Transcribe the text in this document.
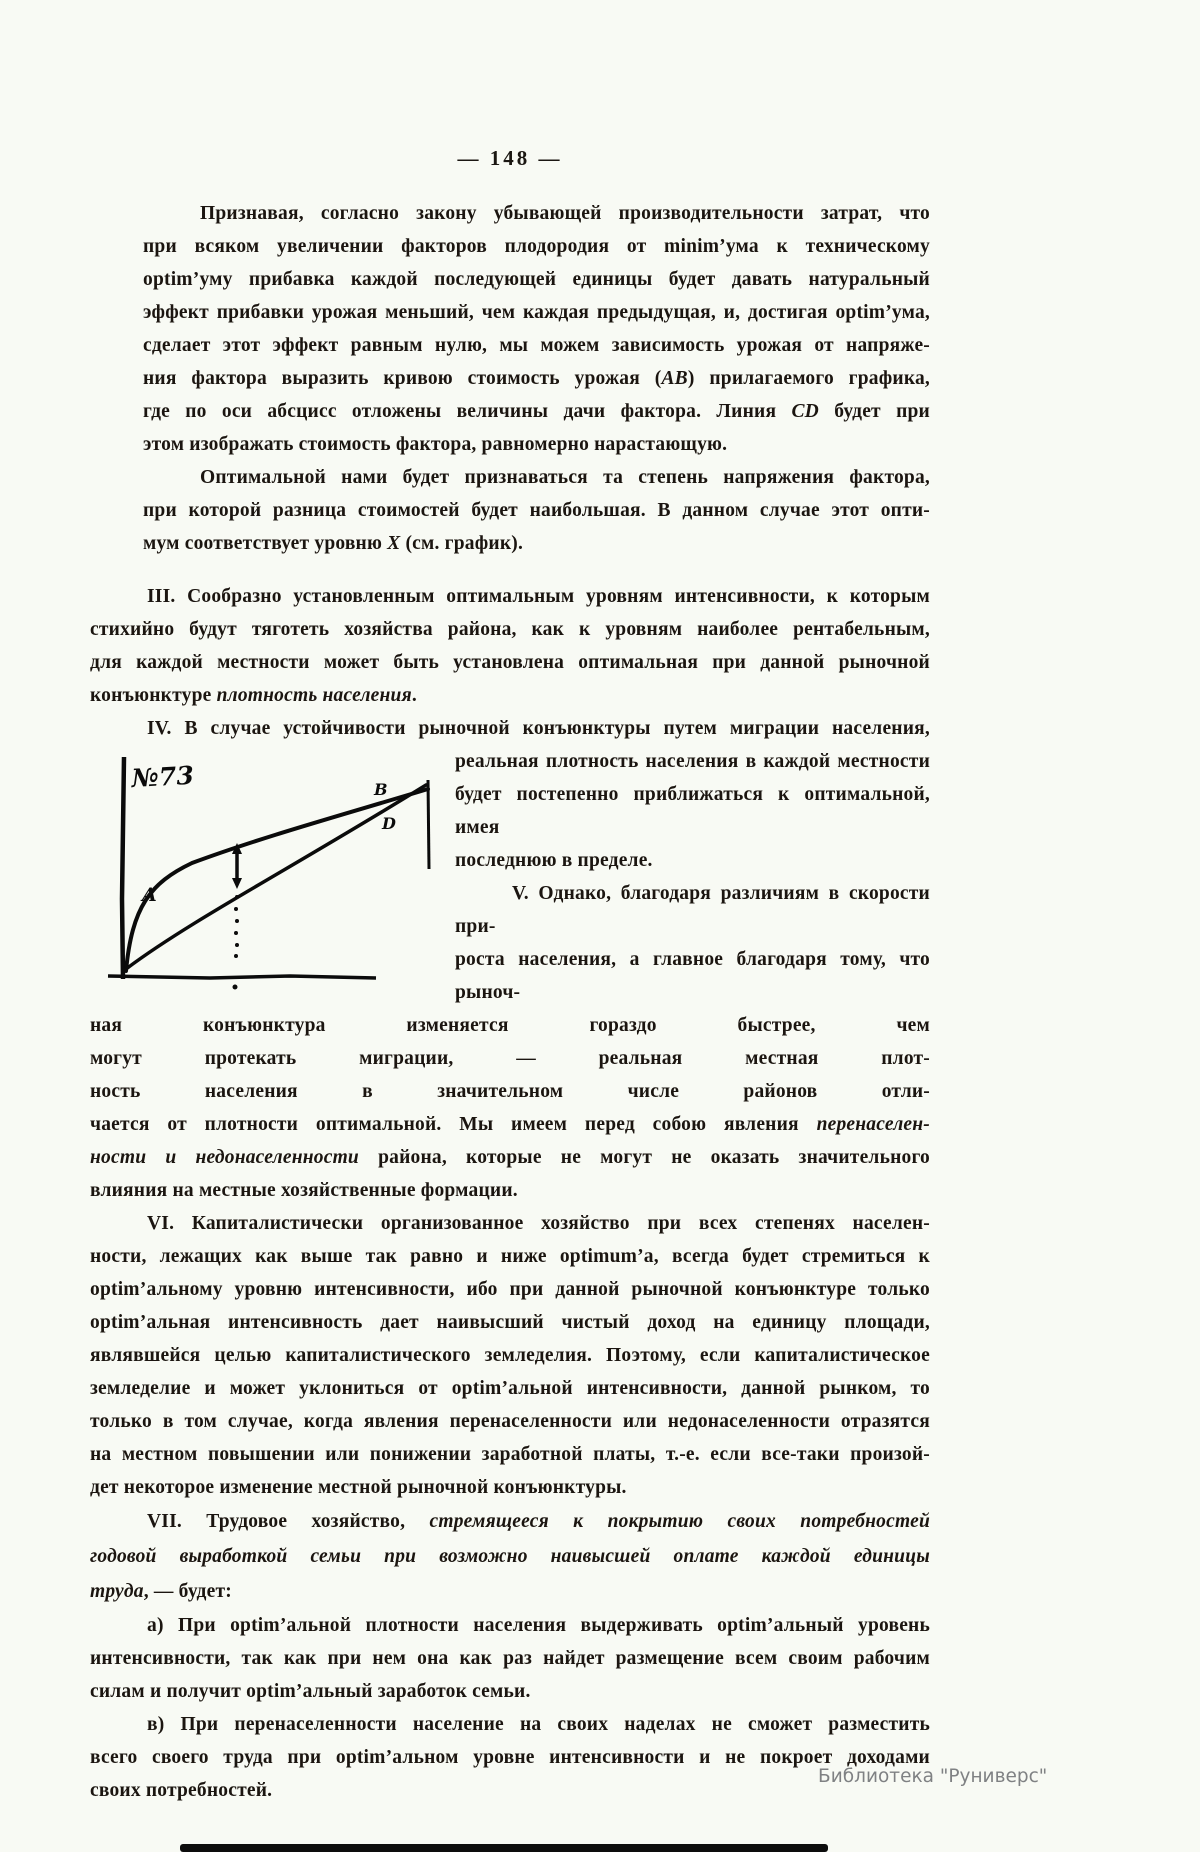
— 148 —
Признавая, согласно закону убывающей производительности затрат, что
при всяком увеличении факторов плодородия от minim’ума к техническому
optim’уму прибавка каждой последующей единицы будет давать натуральный
эффект прибавки урожая меньший, чем каждая предыдущая, и, достигая optim’ума,
сделает этот эффект равным нулю, мы можем зависимость урожая от напряже-
ния фактора выразить кривою стоимость урожая (AB) прилагаемого графика,
где по оси абсцисс отложены величины дачи фактора. Линия CD будет при
этом изображать стоимость фактора, равномерно нарастающую.
Оптимальной нами будет признаваться та степень напряжения фактора,
при которой разница стоимостей будет наибольшая. В данном случае этот опти-
мум соответствует уровню X (см. график).
III. Сообразно установленным оптимальным уровням интенсивности, к которым
стихийно будут тяготеть хозяйства района, как к уровням наиболее рентабельным,
для каждой местности может быть установлена оптимальная при данной рыночной
конъюнктуре плотность населения.
IV. В случае устойчивости рыночной конъюнктуры путем миграции населения,
№73
A
B
D
реальная плотность населения в каждой местности
будет постепенно приближаться к оптимальной, имея
последнюю в пределе.
V. Однако, благодаря различиям в скорости при-
роста населения, а главное благодаря тому, что рыноч-
ная конъюнктура изменяется гораздо быстрее, чем
могут протекать миграции, — реальная местная плот-
ность населения в значительном числе районов отли-
чается от плотности оптимальной. Мы имеем перед собою явления перенаселен-
ности и недонаселенности района, которые не могут не оказать значительного
влияния на местные хозяйственные формации.
VI. Капиталистически организованное хозяйство при всех степенях населен-
ности, лежащих как выше так равно и ниже optimum’а, всегда будет стремиться к
optim’альному уровню интенсивности, ибо при данной рыночной конъюнктуре только
optim’альная интенсивность дает наивысший чистый доход на единицу площади,
являвшейся целью капиталистического земледелия. Поэтому, если капиталистическое
земледелие и может уклониться от optim’альной интенсивности, данной рынком, то
только в том случае, когда явления перенаселенности или недонаселенности отразятся
на местном повышении или понижении заработной платы, т.-е. если все-таки произой-
дет некоторое изменение местной рыночной конъюнктуры.
VII. Трудовое хозяйство, стремящееся к покрытию своих потребностей
годовой выработкой семьи при возможно наивысшей оплате каждой единицы
труда, — будет:
а) При optim’альной плотности населения выдерживать optim’альный уровень
интенсивности, так как при нем она как раз найдет размещение всем своим рабочим
силам и получит optim’альный заработок семьи.
в) При перенаселенности население на своих наделах не сможет разместить
всего своего труда при optim’альном уровне интенсивности и не покроет доходами
своих потребностей.
Библиотека "Руниверс"
